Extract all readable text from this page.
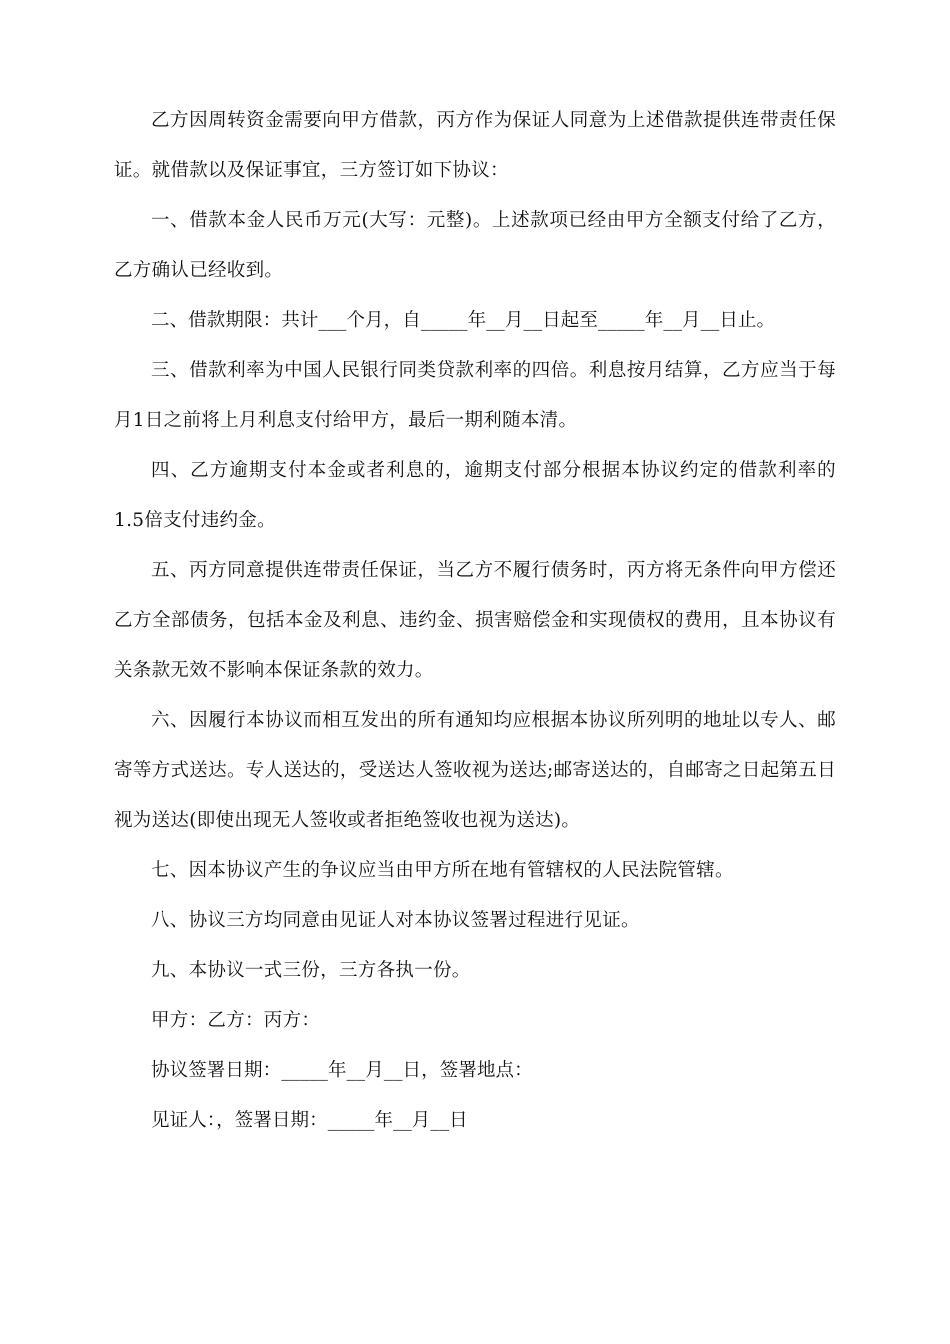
乙方因周转资金需要向甲方借款，丙方作为保证人同意为上述借款提供连带责任保证。就借款以及保证事宜，三方签订如下协议：

一、借款本金人民币万元(大写：元整)。上述款项已经由甲方全额支付给了乙方，乙方确认已经收到。

二、借款期限：共计___个月，自_____年__月__日起至_____年__月__日止。

三、借款利率为中国人民银行同类贷款利率的四倍。利息按月结算，乙方应当于每月1日之前将上月利息支付给甲方，最后一期利随本清。

四、乙方逾期支付本金或者利息的，逾期支付部分根据本协议约定的借款利率的1.5倍支付违约金。

五、丙方同意提供连带责任保证，当乙方不履行债务时，丙方将无条件向甲方偿还乙方全部债务，包括本金及利息、违约金、损害赔偿金和实现债权的费用，且本协议有关条款无效不影响本保证条款的效力。

六、因履行本协议而相互发出的所有通知均应根据本协议所列明的地址以专人、邮寄等方式送达。专人送达的，受送达人签收视为送达;邮寄送达的，自邮寄之日起第五日视为送达(即使出现无人签收或者拒绝签收也视为送达)。

七、因本协议产生的争议应当由甲方所在地有管辖权的人民法院管辖。

八、协议三方均同意由见证人对本协议签署过程进行见证。

九、本协议一式三份，三方各执一份。

甲方：乙方：丙方：

协议签署日期：_____年__月__日，签署地点：

见证人：，签署日期：_____年__月__日
